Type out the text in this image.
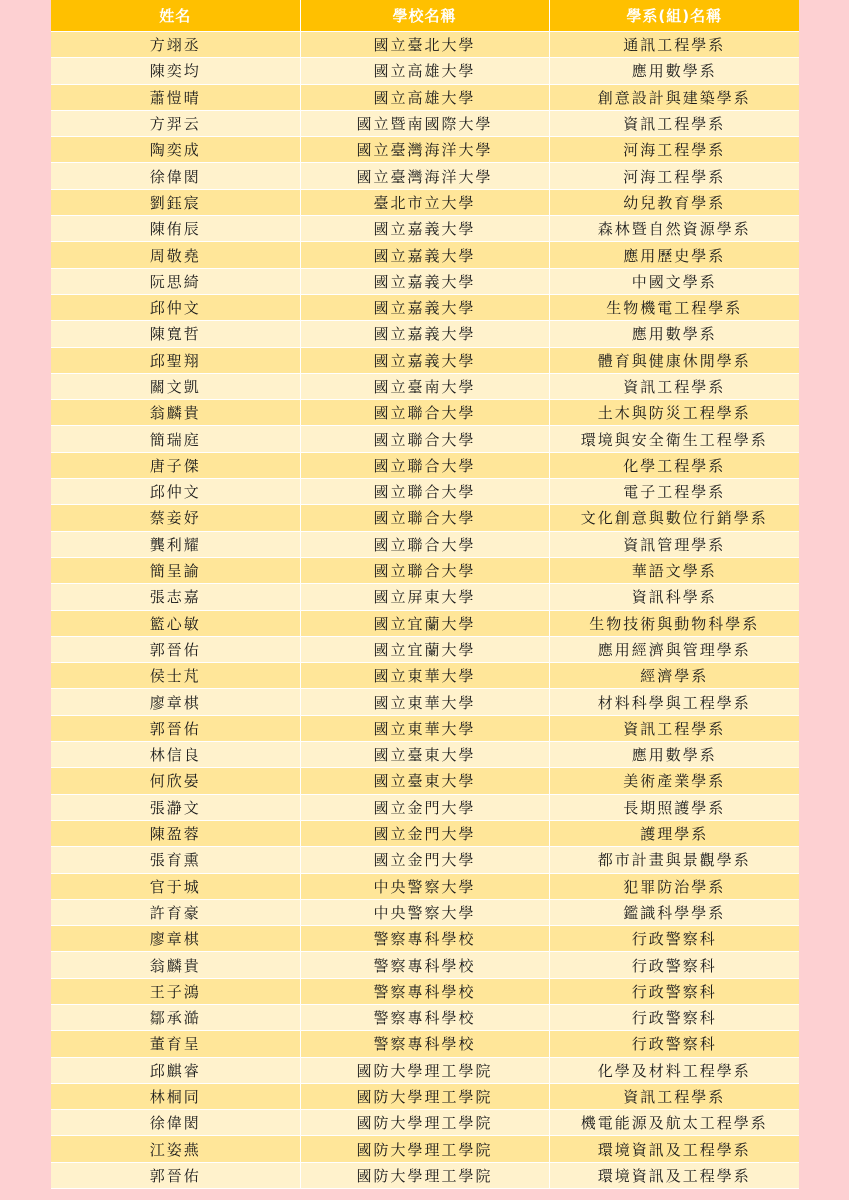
姓名	學校名稱	學系(組)名稱
方翊丞	國立臺北大學	通訊工程學系
陳奕均	國立高雄大學	應用數學系
蕭愷晴	國立高雄大學	創意設計與建築學系
方羿云	國立暨南國際大學	資訊工程學系
陶奕成	國立臺灣海洋大學	河海工程學系
徐偉閎	國立臺灣海洋大學	河海工程學系
劉鈺宸	臺北市立大學	幼兒教育學系
陳侑辰	國立嘉義大學	森林暨自然資源學系
周敬堯	國立嘉義大學	應用歷史學系
阮思綺	國立嘉義大學	中國文學系
邱仲文	國立嘉義大學	生物機電工程學系
陳寬哲	國立嘉義大學	應用數學系
邱聖翔	國立嘉義大學	體育與健康休閒學系
關文凱	國立臺南大學	資訊工程學系
翁麟貴	國立聯合大學	土木與防災工程學系
簡瑞庭	國立聯合大學	環境與安全衛生工程學系
唐子傑	國立聯合大學	化學工程學系
邱仲文	國立聯合大學	電子工程學系
蔡妾妤	國立聯合大學	文化創意與數位行銷學系
龔利耀	國立聯合大學	資訊管理學系
簡呈諭	國立聯合大學	華語文學系
張志嘉	國立屏東大學	資訊科學系
籃心敏	國立宜蘭大學	生物技術與動物科學系
郭晉佑	國立宜蘭大學	應用經濟與管理學系
侯士芃	國立東華大學	經濟學系
廖章棋	國立東華大學	材料科學與工程學系
郭晉佑	國立東華大學	資訊工程學系
林信良	國立臺東大學	應用數學系
何欣晏	國立臺東大學	美術產業學系
張瀞文	國立金門大學	長期照護學系
陳盈蓉	國立金門大學	護理學系
張育熏	國立金門大學	都市計畫與景觀學系
官于城	中央警察大學	犯罪防治學系
許育豪	中央警察大學	鑑識科學學系
廖章棋	警察專科學校	行政警察科
翁麟貴	警察專科學校	行政警察科
王子鴻	警察專科學校	行政警察科
鄒承澔	警察專科學校	行政警察科
董育呈	警察專科學校	行政警察科
邱麒睿	國防大學理工學院	化學及材料工程學系
林桐同	國防大學理工學院	資訊工程學系
徐偉閎	國防大學理工學院	機電能源及航太工程學系
江姿燕	國防大學理工學院	環境資訊及工程學系
郭晉佑	國防大學理工學院	環境資訊及工程學系
